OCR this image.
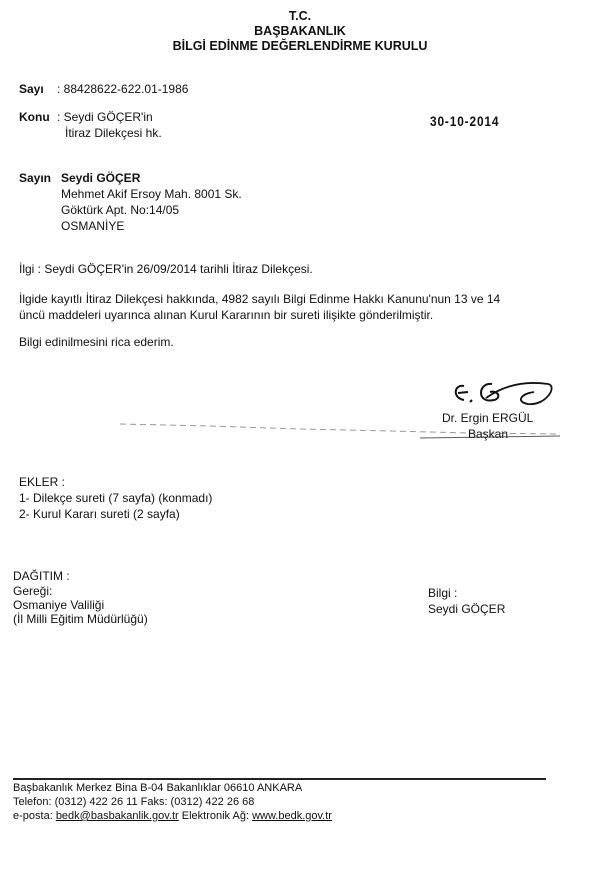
T.C.
BAŞBAKANLIK
BİLGİ EDİNME DEĞERLENDİRME KURULU
Sayı : 88428622-622.01-1986
Konu : Seydi GÖÇER'in
İtiraz Dilekçesi hk.
30-10-2014
Sayın Seydi GÖÇER
Mehmet Akif Ersoy Mah. 8001 Sk.
Göktürk Apt. No:14/05
OSMANİYE
İlgi : Seydi GÖÇER'in 26/09/2014 tarihli İtiraz Dilekçesi.
İlgide kayıtlı İtiraz Dilekçesi hakkında, 4982 sayılı Bilgi Edinme Hakkı Kanunu'nun 13 ve 14
üncü maddeleri uyarınca alınan Kurul Kararının bir sureti ilişikte gönderilmiştir.
Bilgi edinilmesini rica ederim.
Dr. Ergin ERGÜL
Başkan
EKLER :
1- Dilekçe sureti (7 sayfa) (konmadı)
2- Kurul Kararı sureti (2 sayfa)
DAĞITIM :
Gereği:
Osmaniye Valiliği
(İl Milli Eğitim Müdürlüğü)
Bilgi :
Seydi GÖÇER
Başbakanlık Merkez Bina B-04 Bakanlıklar 06610 ANKARA
Telefon: (0312) 422 26 11 Faks: (0312) 422 26 68
e-posta: bedk@basbakanlik.gov.tr Elektronik Ağ: www.bedk.gov.tr
